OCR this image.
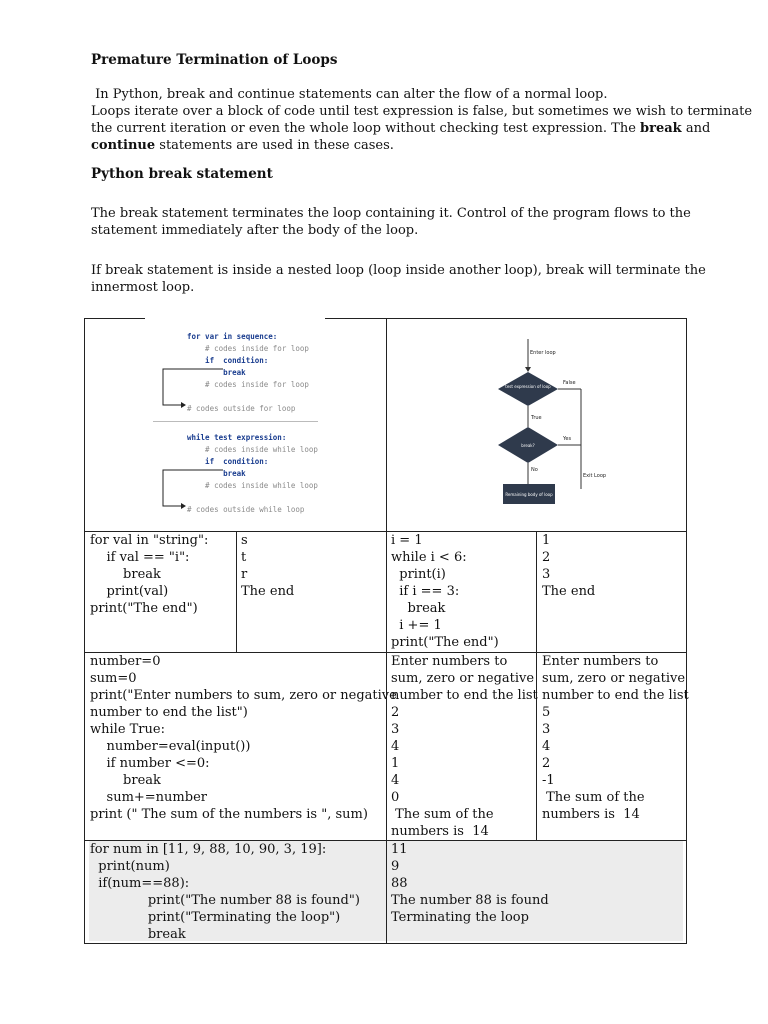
Premature Termination of Loops
In Python, break and continue statements can alter the flow of a normal loop.
Loops iterate over a block of code until test expression is false, but sometimes we wish to terminate
the current iteration or even the whole loop without checking test expression. The break and
continue statements are used in these cases.
Python break statement
The break statement terminates the loop containing it. Control of the program flows to the
statement immediately after the body of the loop.
If break statement is inside a nested loop (loop inside another loop), break will terminate the
innermost loop.
for var in sequence:
# codes inside for loop
if  condition:
break
# codes inside for loop

# codes outside for loop
while test expression:
# codes inside while loop
if  condition:
break
# codes inside while loop

# codes outside while loop
Enter loop
test expression of loop
False
True
break?
Yes
Exit Loop
No
Remaining body of loop
for val in "string":
if val == "i":
break
print(val)
print("The end")
s
t
r
The end
i = 1
while i < 6:
print(i)
if i == 3:
break
i += 1
print("The end")
1
2
3
The end
number=0
sum=0
print("Enter numbers to sum, zero or negative
number to end the list")
while True:
number=eval(input())
if number <=0:
break
sum+=number
print (" The sum of the numbers is ", sum)
Enter numbers to
sum, zero or negative
number to end the list
2
3
4
1
4
0
The sum of the
numbers is  14
Enter numbers to
sum, zero or negative
number to end the list
5
3
4
2
-1
The sum of the
numbers is  14
for num in [11, 9, 88, 10, 90, 3, 19]:
print(num)
if(num==88):
print("The number 88 is found")
print("Terminating the loop")
break
11
9
88
The number 88 is found
Terminating the loop
